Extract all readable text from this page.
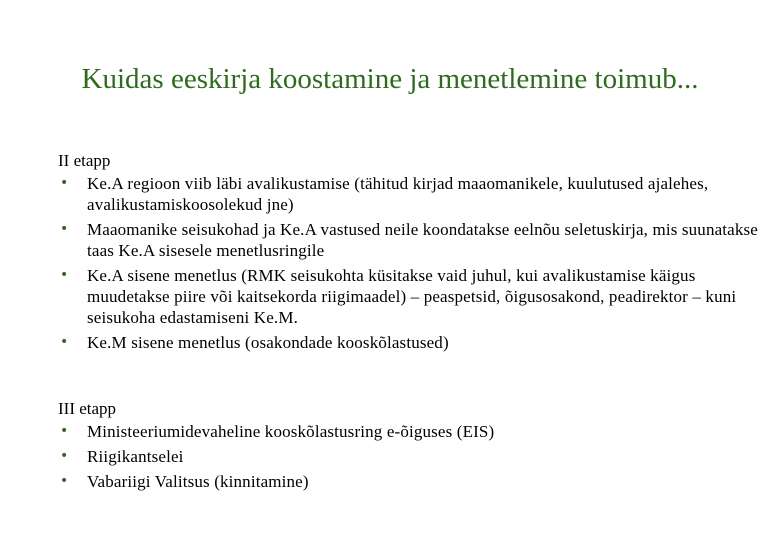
Kuidas eeskirja koostamine ja menetlemine toimub...

II etapp

• Ke.A regioon viib läbi avalikustamise (tähitud kirjad maaomanikele, kuulutused ajalehes, avalikustamiskoosolekud jne)
• Maaomanike seisukohad ja Ke.A vastused neile koondatakse eelnõu seletuskirja, mis suunatakse taas Ke.A sisesele menetlusringile
• Ke.A sisene menetlus (RMK seisukohta küsitakse vaid juhul, kui avalikustamise käigus muudetakse piire või kaitsekorda riigimaadel) – peaspetsid, õigusosakond, peadirektor – kuni seisukoha edastamiseni Ke.M.
• Ke.M sisene menetlus (osakondade kooskõlastused)

III etapp

• Ministeeriumidevaheline kooskõlastusring e-õiguses (EIS)
• Riigikantselei
• Vabariigi Valitsus (kinnitamine)
